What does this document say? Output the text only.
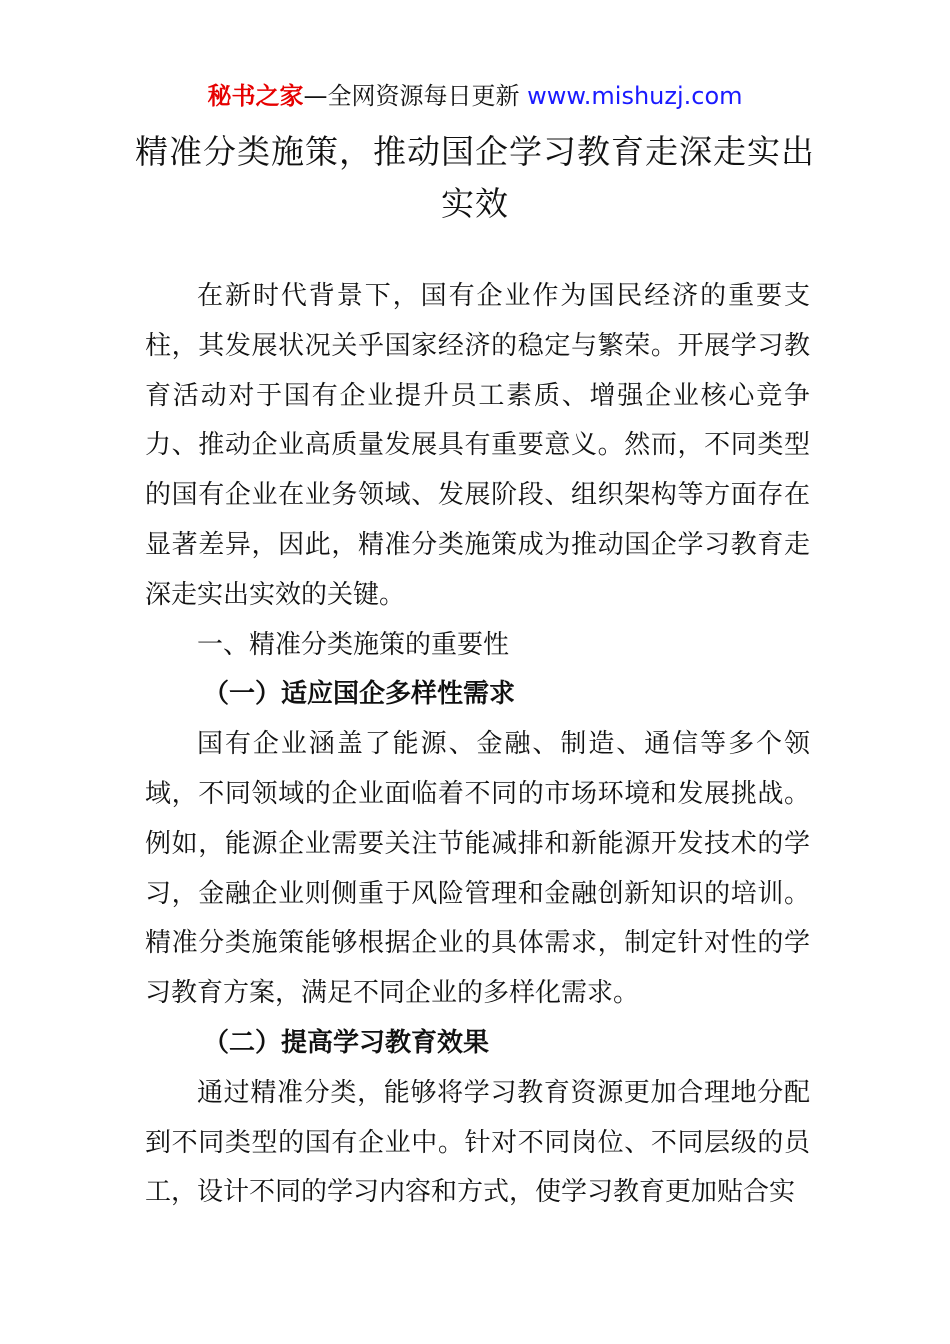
秘书之家—全网资源每日更新 www.mishuzj.com
精准分类施策，推动国企学习教育走深走实出实效

在新时代背景下，国有企业作为国民经济的重要支柱，其发展状况关乎国家经济的稳定与繁荣。开展学习教育活动对于国有企业提升员工素质、增强企业核心竞争力、推动企业高质量发展具有重要意义。然而，不同类型的国有企业在业务领域、发展阶段、组织架构等方面存在显著差异，因此，精准分类施策成为推动国企学习教育走深走实出实效的关键。

一、精准分类施策的重要性

（一）适应国企多样性需求

国有企业涵盖了能源、金融、制造、通信等多个领域，不同领域的企业面临着不同的市场环境和发展挑战。例如，能源企业需要关注节能减排和新能源开发技术的学习，金融企业则侧重于风险管理和金融创新知识的培训。精准分类施策能够根据企业的具体需求，制定针对性的学习教育方案，满足不同企业的多样化需求。

（二）提高学习教育效果

通过精准分类，能够将学习教育资源更加合理地分配到不同类型的国有企业中。针对不同岗位、不同层级的员工，设计不同的学习内容和方式，使学习教育更加贴合实
